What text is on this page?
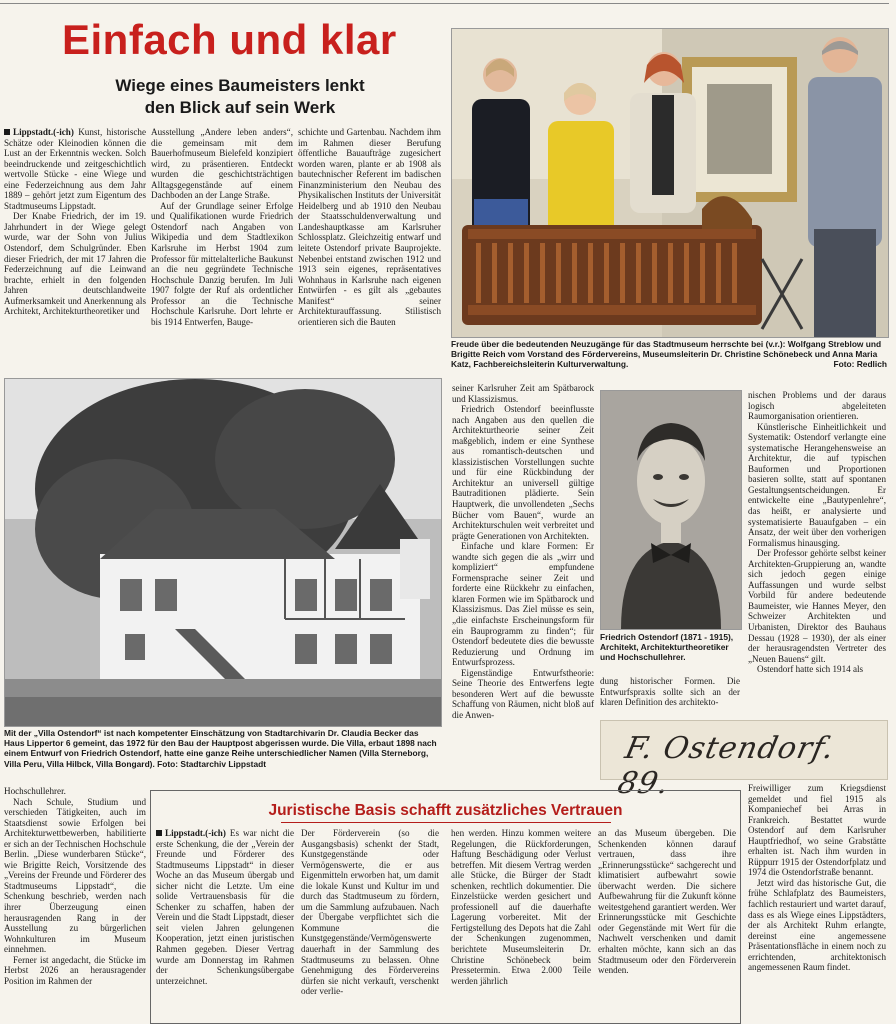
Einfach und klar
Wiege eines Baumeisters lenkt
den Blick auf sein Werk

Lippstadt.(-ich) Kunst, historische Schätze oder Kleinodien können die Lust an der Erkenntnis wecken. Solch beeindruckende und zeitgeschichtlich wertvolle Stücke - eine Wiege und eine Federzeichnung aus dem Jahr 1889 – gehört jetzt zum Eigentum des Stadtmuseums Lippstadt.

Der Knabe Friedrich, der im 19. Jahrhundert in der Wiege gelegt wurde, war der Sohn von Julius Ostendorf, dem Schulgründer. Eben dieser Friedrich, der mit 17 Jahren die Federzeichnung auf die Leinwand brachte, erhielt in den folgenden Jahren deutschlandweite Aufmerksamkeit und Anerkennung als Architekt, Architekturtheoretiker und

Ausstellung „Andere leben anders“, die gemeinsam mit dem Bauerhofmuseum Bielefeld konzipiert wird, zu präsentieren. Entdeckt wurden die geschichtsträchtigen Alltagsgegenstände auf einem Dachboden an der Lange Straße.

Auf der Grundlage seiner Erfolge und Qualifikationen wurde Friedrich Ostendorf nach Angaben von Wikipedia und dem Stadtlexikon Karlsruhe im Herbst 1904 zum Professor für mittelalterliche Baukunst an die neu gegründete Technische Hochschule Danzig berufen. Im Juli 1907 folgte der Ruf als ordentlicher Professor an die Technische Hochschule Karlsruhe. Dort lehrte er bis 1914 Entwerfen, Bauge-

schichte und Gartenbau. Nachdem ihm im Rahmen dieser Berufung öffentliche Bauaufträge zugesichert worden waren, plante er ab 1908 als bautechnischer Referent im badischen Finanzministerium den Neubau des Physikalischen Instituts der Universität Heidelberg und ab 1910 den Neubau der Staatsschuldenverwaltung und Landeshauptkasse am Karlsruher Schlossplatz. Gleichzeitig entwarf und leitete Ostendorf private Bauprojekte. Nebenbei entstand zwischen 1912 und 1913 sein eigenes, repräsentatives Wohnhaus in Karlsruhe nach eigenen Entwürfen - es gilt als „gebautes Manifest“ seiner Architekturauffassung. Stilistisch orientieren sich die Bauten

Freude über die bedeutenden Neuzugänge für das Stadtmuseum herrschte bei (v.r.): Wolfgang Streblow und Brigitte Reich vom Vorstand des Fördervereins, Museumsleiterin Dr. Christine Schönebeck und Anna Maria Katz, Fachbereichsleiterin Kulturverwaltung.	Foto: Redlich
Mit der „Villa Ostendorf“ ist nach kompetenter Einschätzung von Stadtarchivarin Dr. Claudia Becker das Haus Lippertor 6 gemeint, das 1972 für den Bau der Hauptpost abgerissen wurde. Die Villa, erbaut 1898 nach einem Entwurf von Friedrich Ostendorf, hatte eine ganze Reihe unterschiedlicher Namen (Villa Sterneborg, Villa Peru, Villa Hilbck, Villa Bongard). Foto: Stadtarchiv Lippstadt

seiner Karlsruher Zeit am Spätbarock und Klassizismus.

Friedrich Ostendorf beeinflusste nach Angaben aus den quellen die Architekturtheorie seiner Zeit maßgeblich, indem er eine Synthese aus romantisch-deutschen und klassizistischen Vorstellungen suchte und für eine Rückbindung der Architektur an universell gültige Bautraditionen plädierte. Sein Hauptwerk, die unvollendeten „Sechs Bücher vom Bauen“, wurde an Architekturschulen weit verbreitet und prägte Generationen von Architekten.

Einfache und klare Formen: Er wandte sich gegen die als „wirr und kompliziert“ empfundene Formensprache seiner Zeit und forderte eine Rückkehr zu einfachen, klaren Formen wie im Spätbarock und Klassizismus. Das Ziel müsse es sein, „die einfachste Erscheinungsform für ein Bauprogramm zu finden“; für Ostendorf bedeutete dies die bewusste Reduzierung und Ordnung im Entwurfsprozess.

Eigenständige Entwurfstheorie: Seine Theorie des Entwerfens legte besonderen Wert auf die bewusste Schaffung von Räumen, nicht bloß auf die Anwen-

Friedrich Ostendorf (1871 - 1915), Architekt, Architekturtheoretiker und Hochschullehrer.

dung historischer Formen. Die Entwurfspraxis sollte sich an der klaren Definition des architekto-

nischen Problems und der daraus logisch abgeleiteten Raumorganisation orientieren.

Künstlerische Einheitlichkeit und Systematik: Ostendorf verlangte eine systematische Herangehensweise an Architektur, die auf typischen Bauformen und Proportionen basieren sollte, statt auf spontanen Gestaltungsentscheidungen. Er entwickelte eine „Bautypenlehre“, das heißt, er analysierte und systematisierte Bauaufgaben – ein Ansatz, der weit über den vorherigen Formalismus hinausging.

Der Professor gehörte selbst keiner Architekten-Gruppierung an, wandte sich jedoch gegen einige Auffassungen und wurde selbst Vorbild für andere bedeutende Baumeister, wie Hannes Meyer, den Schweizer Architekten und Urbanisten, Direktor des Bauhaus Dessau (1928 – 1930), der als einer der herausragendsten Vertreter des „Neuen Bauens“ gilt.

Ostendorf hatte sich 1914 als

F. Ostendorf. 89.

Hochschullehrer.

Nach Schule, Studium und verschieden Tätigkeiten, auch im Staatsdienst sowie Erfolgen bei Architekturwettbewerben, habilitierte er sich an der Technischen Hochschule Berlin. „Diese wunderbaren Stücke“, wie Brigitte Reich, Vorsitzende des „Vereins der Freunde und Förderer des Stadtmuseums Lippstadt“, die Schenkung beschrieb, werden nach ihrer Überzeugung einen herausragenden Rang in der Ausstellung zu bürgerlichen Wohnkulturen im Museum einnehmen.

Ferner ist angedacht, die Stücke im Herbst 2026 an herausragender Position im Rahmen der

Juristische Basis schafft zusätzliches Vertrauen

Lippstadt.(-ich) Es war nicht die erste Schenkung, die der „Verein der Freunde und Förderer des Stadtmuseums Lippstadt“ in dieser Woche an das Museum übergab und sicher nicht die Letzte. Um eine solide Vertrauensbasis für die Schenker zu schaffen, haben der Verein und die Stadt Lippstadt, dieser seit vielen Jahren gelungenen Kooperation, jetzt einen juristischen Rahmen gegeben. Dieser Vertrag wurde am Donnerstag im Rahmen der Schenkungsübergabe unterzeichnet.

Der Förderverein (so die Ausgangsbasis) schenkt der Stadt, Kunstgegenstände oder Vermögenswerte, die er aus Eigenmitteln erworben hat, um damit die lokale Kunst und Kultur im und durch das Stadtmuseum zu fördern, um die Sammlung aufzubauen. Nach der Übergabe verpflichtet sich die Kommune die Kunstgegenstände/Vermögenswerte dauerhaft in der Sammlung des Stadtmuseums zu belassen. Ohne Genehmigung des Fördervereins dürfen sie nicht verkauft, verschenkt oder verlie-

hen werden. Hinzu kommen weitere Regelungen, die Rückforderungen, Haftung Beschädigung oder Verlust betreffen. Mit diesem Vertrag werden alle Stücke, die Bürger der Stadt schenken, rechtlich dokumentier. Die Einzelstücke werden gesichert und professionell auf die dauerhafte Lagerung vorbereitet. Mit der Fertigstellung des Depots hat die Zahl der Schenkungen zugenommen, berichtete Museumsleiterin Dr. Christine Schönebeck beim Pressetermin. Etwa 2.000 Teile werden jährlich

an das Museum übergeben. Die Schenkenden können darauf vertrauen, dass ihre „Erinnerungsstücke“ sachgerecht und klimatisiert aufbewahrt sowie überwacht werden. Die sichere Aufbewahrung für die Zukunft könne weitestgehend garantiert werden. Wer Erinnerungsstücke mit Geschichte oder Gegenstände mit Wert für die Nachwelt verschenken und damit erhalten möchte, kann sich an das Stadtmuseum oder den Förderverein wenden.

Freiwilliger zum Kriegsdienst gemeldet und fiel 1915 als Kompaniechef bei Arras in Frankreich. Bestattet wurde Ostendorf auf dem Karlsruher Hauptfriedhof, wo seine Grabstätte erhalten ist. Nach ihm wurden in Rüppurr 1915 der Ostendorfplatz und 1974 die Ostendorfstraße benannt.

Jetzt wird das historische Gut, die frühe Schlafplatz des Baumeisters, fachlich restauriert und wartet darauf, dass es als Wiege eines Lippstädters, der als Architekt Ruhm erlangte, dereinst eine angemessene Präsentationsfläche in einem noch zu errichtenden, architektonisch angemessenen Raum findet.
